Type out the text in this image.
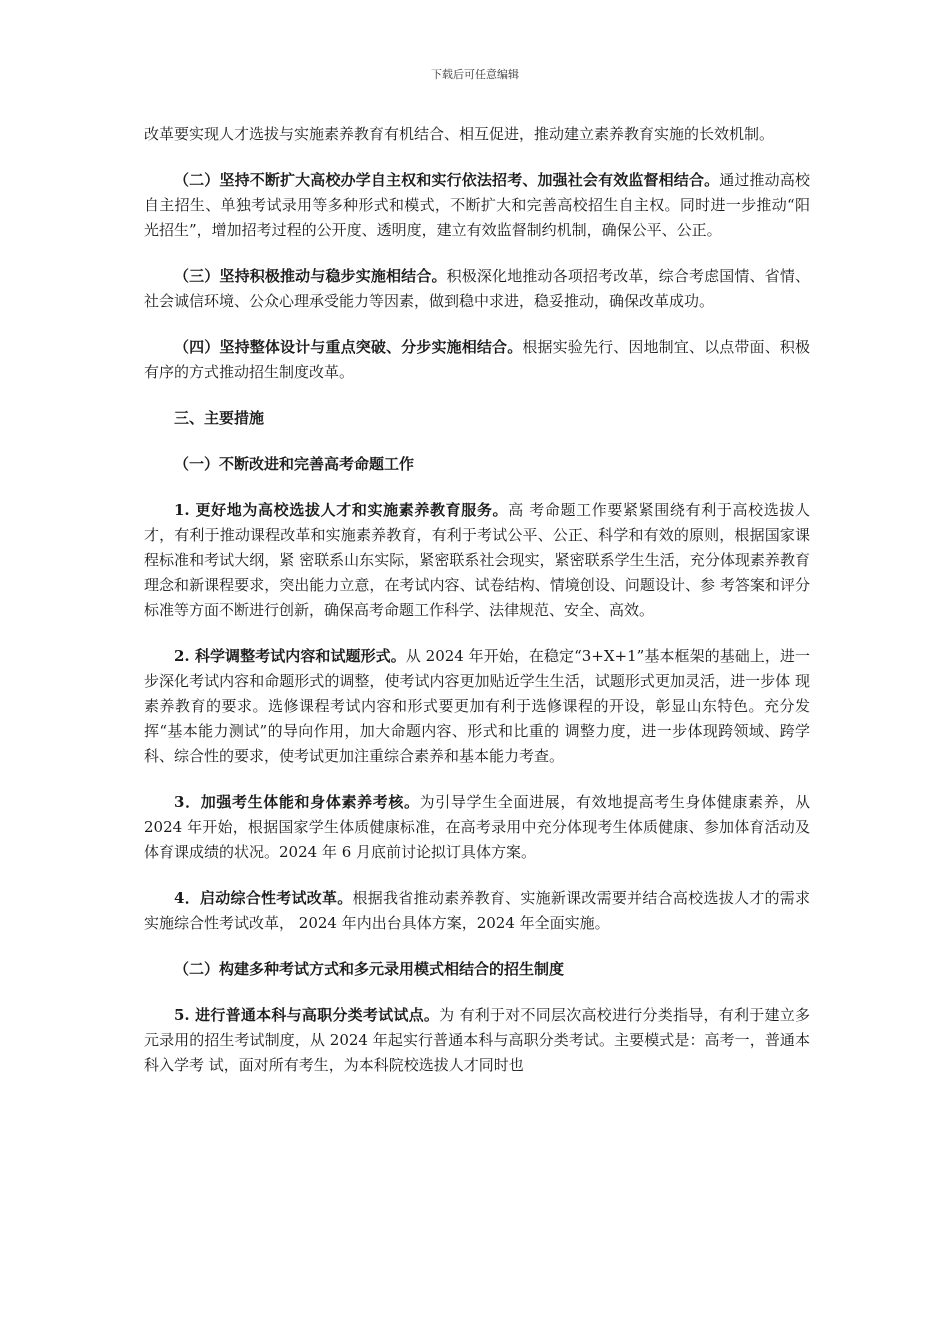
下载后可任意编辑

改革要实现人才选拔与实施素养教育有机结合、相互促进，推动建立素养教育实施的长效机制。

（二）坚持不断扩大高校办学自主权和实行依法招考、加强社会有效监督相结合。通过推动高校自主招生、单独考试录用等多种形式和模式，不断扩大和完善高校招生自主权。同时进一步推动“阳光招生”，增加招考过程的公开度、透明度，建立有效监督制约机制，确保公平、公正。

（三）坚持积极推动与稳步实施相结合。积极深化地推动各项招考改革，综合考虑国情、省情、社会诚信环境、公众心理承受能力等因素，做到稳中求进，稳妥推动，确保改革成功。

（四）坚持整体设计与重点突破、分步实施相结合。根据实验先行、因地制宜、以点带面、积极有序的方式推动招生制度改革。

三、主要措施

（一）不断改进和完善高考命题工作

1. 更好地为高校选拔人才和实施素养教育服务。高 考命题工作要紧紧围绕有利于高校选拔人才，有利于推动课程改革和实施素养教育，有利于考试公平、公正、科学和有效的原则，根据国家课程标准和考试大纲，紧 密联系山东实际，紧密联系社会现实，紧密联系学生生活，充分体现素养教育理念和新课程要求，突出能力立意，在考试内容、试卷结构、情境创设、问题设计、参 考答案和评分标准等方面不断进行创新，确保高考命题工作科学、法律规范、安全、高效。

2. 科学调整考试内容和试题形式。从 2024 年开始，在稳定“3+X+1”基本框架的基础上，进一步深化考试内容和命题形式的调整，使考试内容更加贴近学生生活，试题形式更加灵活，进一步体 现素养教育的要求。选修课程考试内容和形式要更加有利于选修课程的开设，彰显山东特色。充分发挥“基本能力测试”的导向作用，加大命题内容、形式和比重的 调整力度，进一步体现跨领域、跨学科、综合性的要求，使考试更加注重综合素养和基本能力考查。

3．加强考生体能和身体素养考核。为引导学生全面进展，有效地提高考生身体健康素养，从 2024 年开始，根据国家学生体质健康标准，在高考录用中充分体现考生体质健康、参加体育活动及体育课成绩的状况。2024 年 6 月底前讨论拟订具体方案。

4．启动综合性考试改革。根据我省推动素养教育、实施新课改需要并结合高校选拔人才的需求实施综合性考试改革， 2024 年内出台具体方案，2024 年全面实施。

（二）构建多种考试方式和多元录用模式相结合的招生制度

5. 进行普通本科与高职分类考试试点。为 有利于对不同层次高校进行分类指导，有利于建立多元录用的招生考试制度，从 2024 年起实行普通本科与高职分类考试。主要模式是：高考一，普通本科入学考 试，面对所有考生，为本科院校选拔人才同时也
